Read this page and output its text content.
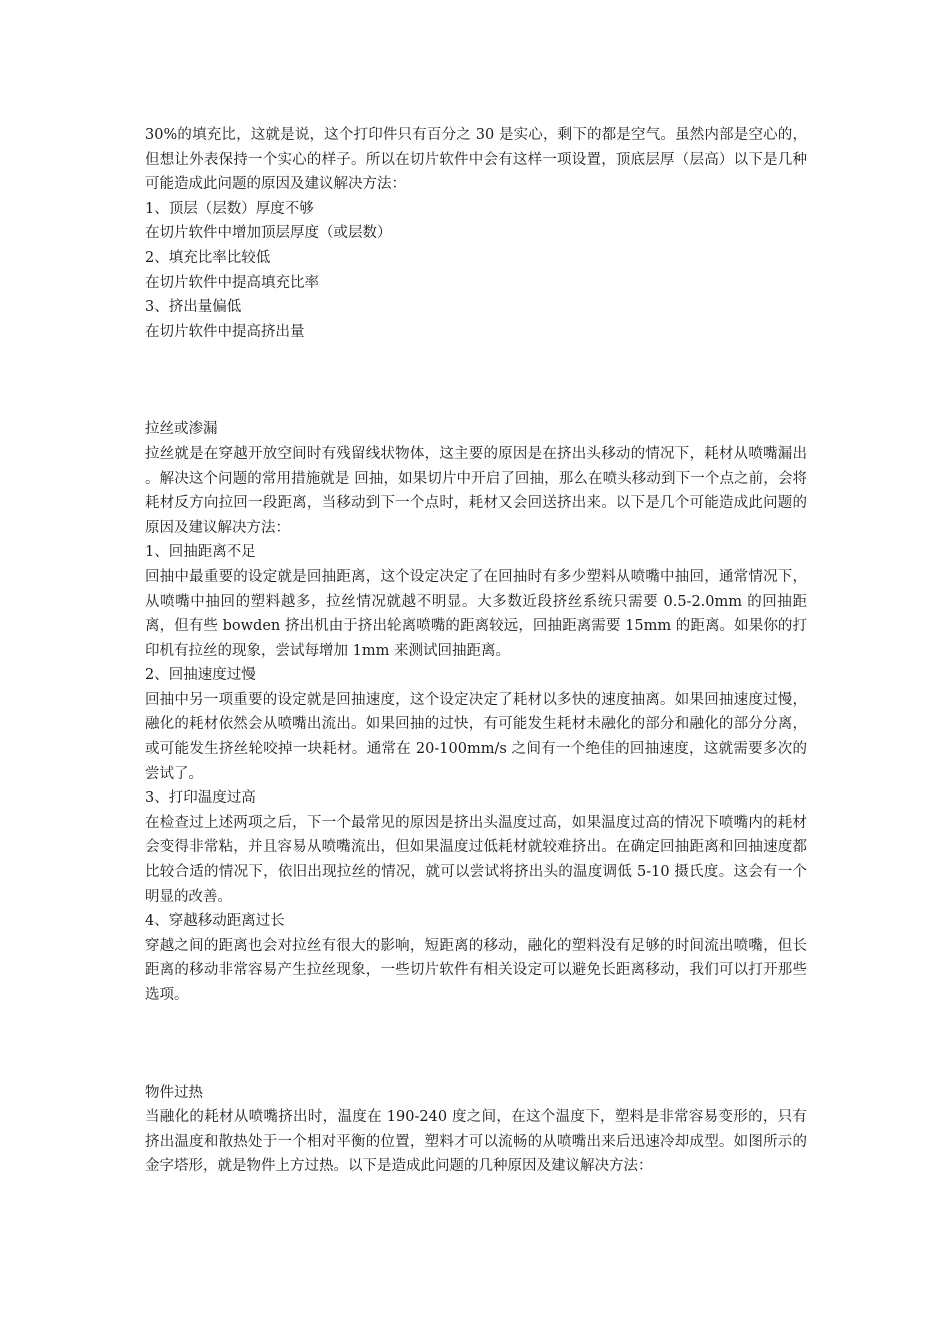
30%的填充比，这就是说，这个打印件只有百分之 30 是实心，剩下的都是空气。虽然内部是空心的，但想让外表保持一个实心的样子。所以在切片软件中会有这样一项设置，顶底层厚（层高）以下是几种可能造成此问题的原因及建议解决方法：

1、顶层（层数）厚度不够

在切片软件中增加顶层厚度（或层数）

2、填充比率比较低

在切片软件中提高填充比率

3、挤出量偏低

在切片软件中提高挤出量

拉丝或渗漏

拉丝就是在穿越开放空间时有残留线状物体，这主要的原因是在挤出头移动的情况下，耗材从喷嘴漏出 。解决这个问题的常用措施就是 回抽，如果切片中开启了回抽，那么在喷头移动到下一个点之前，会将耗材反方向拉回一段距离，当移动到下一个点时，耗材又会回送挤出来。以下是几个可能造成此问题的原因及建议解决方法：

1、回抽距离不足

回抽中最重要的设定就是回抽距离，这个设定决定了在回抽时有多少塑料从喷嘴中抽回，通常情况下，从喷嘴中抽回的塑料越多，拉丝情况就越不明显。大多数近段挤丝系统只需要 0.5-2.0mm 的回抽距离，但有些 bowden 挤出机由于挤出轮离喷嘴的距离较远，回抽距离需要 15mm 的距离。如果你的打印机有拉丝的现象，尝试每增加 1mm 来测试回抽距离。

2、回抽速度过慢

回抽中另一项重要的设定就是回抽速度，这个设定决定了耗材以多快的速度抽离。如果回抽速度过慢，融化的耗材依然会从喷嘴出流出。如果回抽的过快，有可能发生耗材未融化的部分和融化的部分分离，或可能发生挤丝轮咬掉一块耗材。通常在 20-100mm/s 之间有一个绝佳的回抽速度，这就需要多次的尝试了。

3、打印温度过高

在检查过上述两项之后，下一个最常见的原因是挤出头温度过高，如果温度过高的情况下喷嘴内的耗材会变得非常粘，并且容易从喷嘴流出，但如果温度过低耗材就较难挤出。在确定回抽距离和回抽速度都比较合适的情况下，依旧出现拉丝的情况，就可以尝试将挤出头的温度调低 5-10 摄氏度。这会有一个明显的改善。

4、穿越移动距离过长

穿越之间的距离也会对拉丝有很大的影响，短距离的移动，融化的塑料没有足够的时间流出喷嘴，但长距离的移动非常容易产生拉丝现象，一些切片软件有相关设定可以避免长距离移动，我们可以打开那些选项。

物件过热

当融化的耗材从喷嘴挤出时，温度在 190-240 度之间，在这个温度下，塑料是非常容易变形的，只有挤出温度和散热处于一个相对平衡的位置，塑料才可以流畅的从喷嘴出来后迅速冷却成型。如图所示的金字塔形，就是物件上方过热。以下是造成此问题的几种原因及建议解决方法：
